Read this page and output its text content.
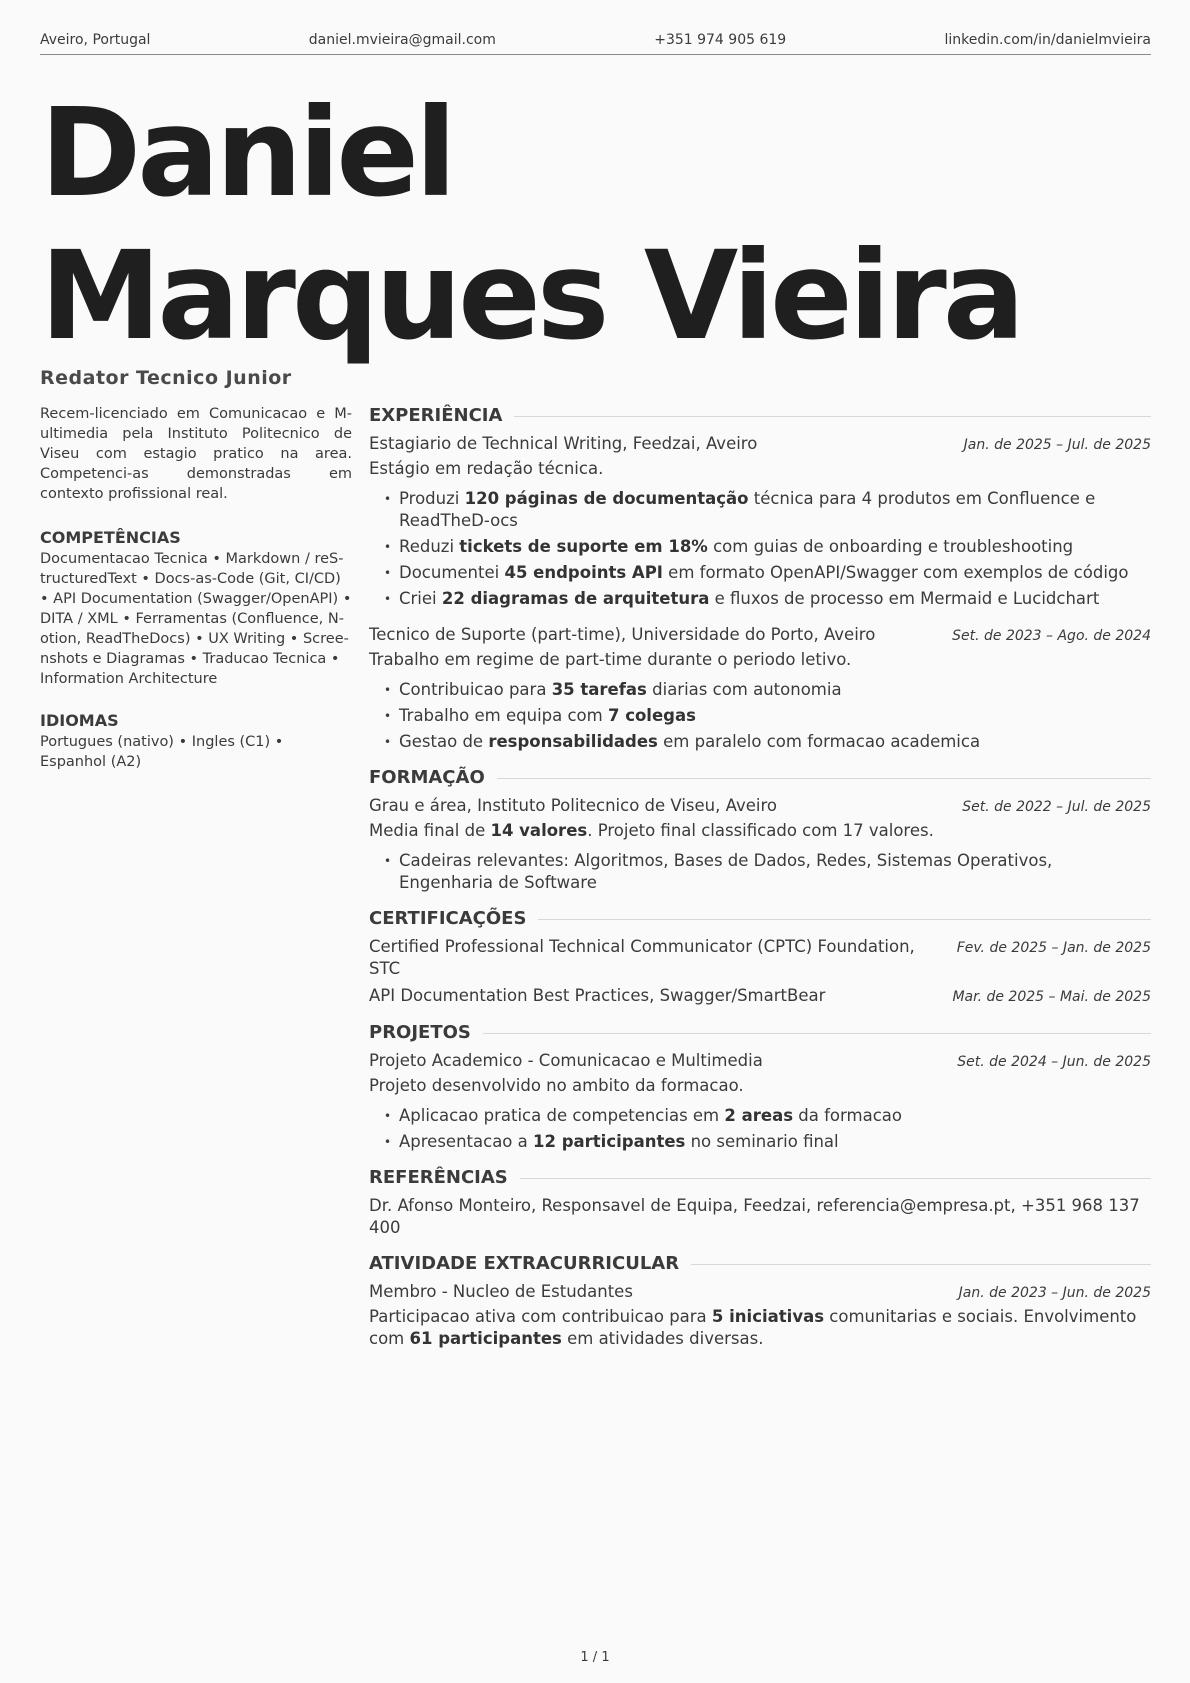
Aveiro, Portugal	daniel.mvieira@gmail.com	+351 974 905 619	linkedin.com/in/danielmvieira
Daniel
Marques Vieira
Redator Tecnico Junior

Recem-licenciado em Comunicacao e M-ultimedia pela Instituto Politecnico de Viseu com estagio pratico na area. Competenci-as demonstradas em contexto profissional real.

COMPETÊNCIAS
Documentacao Tecnica • Markdown / reS-tructuredText • Docs-as-Code (Git, CI/CD) • API Documentation (Swagger/OpenAPI) • DITA / XML • Ferramentas (Confluence, N-otion, ReadTheDocs) • UX Writing • Scree-nshots e Diagramas • Traducao Tecnica • Information Architecture
IDIOMAS
Portugues (nativo) • Ingles (C1) • Espanhol (A2)
EXPERIÊNCIA
Estagiario de Technical Writing, Feedzai, Aveiro	Jan. de 2025 – Jul. de 2025
Estágio em redação técnica.
• Produzi 120 páginas de documentação técnica para 4 produtos em Confluence e ReadTheD-ocs
• Reduzi tickets de suporte em 18% com guias de onboarding e troubleshooting
• Documentei 45 endpoints API em formato OpenAPI/Swagger com exemplos de código
• Criei 22 diagramas de arquitetura e fluxos de processo em Mermaid e Lucidchart
Tecnico de Suporte (part-time), Universidade do Porto, Aveiro	Set. de 2023 – Ago. de 2024
Trabalho em regime de part-time durante o periodo letivo.
• Contribuicao para 35 tarefas diarias com autonomia
• Trabalho em equipa com 7 colegas
• Gestao de responsabilidades em paralelo com formacao academica
FORMAÇÃO
Grau e área, Instituto Politecnico de Viseu, Aveiro	Set. de 2022 – Jul. de 2025
Media final de 14 valores. Projeto final classificado com 17 valores.
• Cadeiras relevantes: Algoritmos, Bases de Dados, Redes, Sistemas Operativos, Engenharia de Software
CERTIFICAÇÕES
Certified Professional Technical Communicator (CPTC) Foundation, STC
Fev. de 2025 – Jan. de 2025
API Documentation Best Practices, Swagger/SmartBear	Mar. de 2025 – Mai. de 2025
PROJETOS
Projeto Academico - Comunicacao e Multimedia	Set. de 2024 – Jun. de 2025
Projeto desenvolvido no ambito da formacao.
• Aplicacao pratica de competencias em 2 areas da formacao
• Apresentacao a 12 participantes no seminario final
REFERÊNCIAS
Dr. Afonso Monteiro, Responsavel de Equipa, Feedzai, referencia@empresa.pt, +351 968 137 400
ATIVIDADE EXTRACURRICULAR
Membro - Nucleo de Estudantes	Jan. de 2023 – Jun. de 2025
Participacao ativa com contribuicao para 5 iniciativas comunitarias e sociais. Envolvimento com 61 participantes em atividades diversas.
1 / 1
